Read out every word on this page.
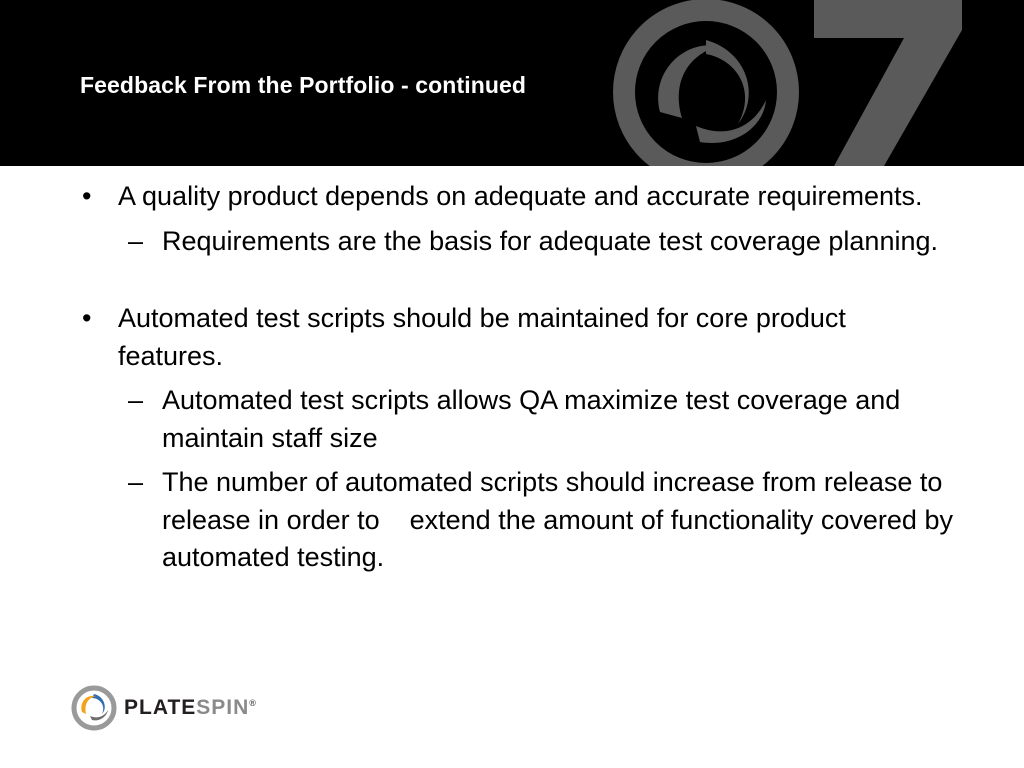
Feedback From the Portfolio - continued
• A quality product depends on adequate and accurate requirements.
– Requirements are the basis for adequate test coverage planning.
• Automated test scripts should be maintained for core product features.
– Automated test scripts allows QA maximize test coverage and maintain staff size
– The number of automated scripts should increase from release to release in order to    extend the amount of functionality covered by automated testing.
PLATESPIN®
